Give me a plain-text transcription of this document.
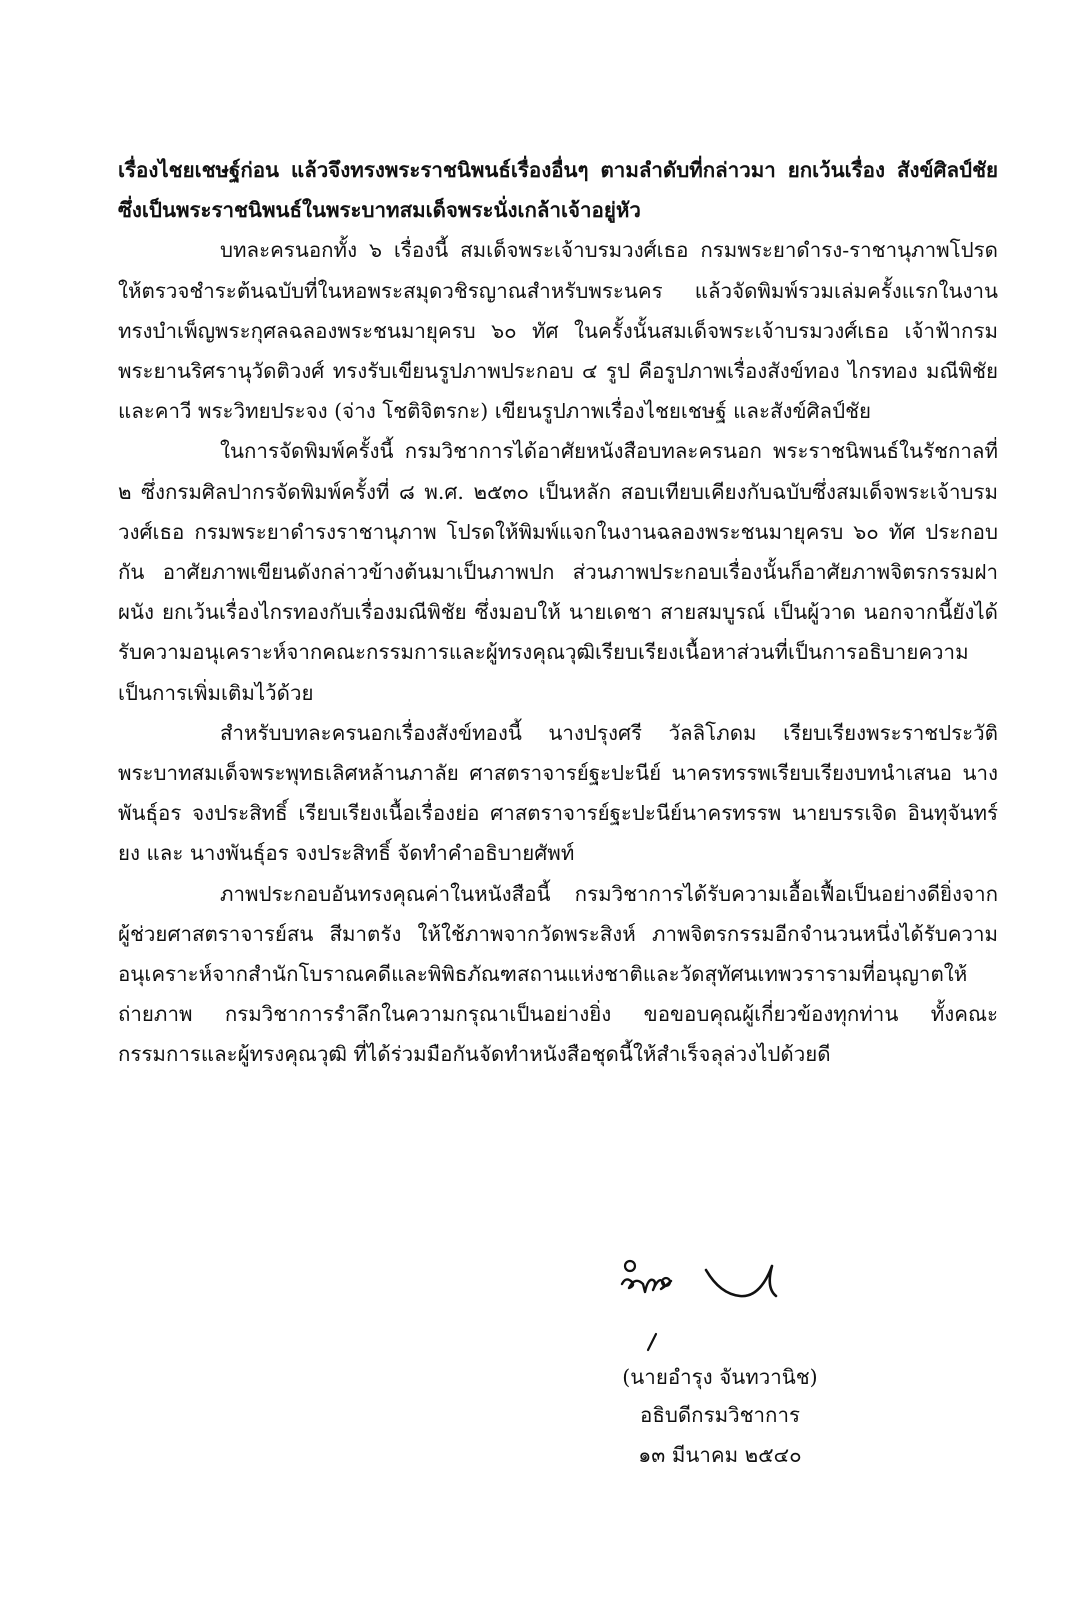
เรื่องไชยเชษฐ์ก่อน แล้วจึงทรงพระราชนิพนธ์เรื่องอื่นๆ ตามลำดับที่กล่าวมา ยกเว้นเรื่อง สังข์ศิลป์ชัย ซึ่งเป็นพระราชนิพนธ์ในพระบาทสมเด็จพระนั่งเกล้าเจ้าอยู่หัว

บทละครนอกทั้ง ๖ เรื่องนี้ สมเด็จพระเจ้าบรมวงศ์เธอ กรมพระยาดำรง-ราชานุภาพโปรดให้ตรวจชำระต้นฉบับที่ในหอพระสมุดวชิรญาณสำหรับพระนคร แล้วจัดพิมพ์รวมเล่มครั้งแรกในงานทรงบำเพ็ญพระกุศลฉลองพระชนมายุครบ ๖๐ ทัศ ในครั้งนั้นสมเด็จพระเจ้าบรมวงศ์เธอ เจ้าฟ้ากรมพระยานริศรานุวัดติวงศ์ ทรงรับเขียนรูปภาพประกอบ ๔ รูป คือรูปภาพเรื่องสังข์ทอง ไกรทอง มณีพิชัย และคาวี พระวิทยประจง (จ่าง โชติจิตรกะ) เขียนรูปภาพเรื่องไชยเชษฐ์ และสังข์ศิลป์ชัย

ในการจัดพิมพ์ครั้งนี้ กรมวิชาการได้อาศัยหนังสือบทละครนอก พระราชนิพนธ์ในรัชกาลที่ ๒ ซึ่งกรมศิลปากรจัดพิมพ์ครั้งที่ ๘ พ.ศ. ๒๕๓๐ เป็นหลัก สอบเทียบเคียงกับฉบับซึ่งสมเด็จพระเจ้าบรมวงศ์เธอ กรมพระยาดำรงราชานุภาพ โปรดให้พิมพ์แจกในงานฉลองพระชนมายุครบ ๖๐ ทัศ ประกอบกัน อาศัยภาพเขียนดังกล่าวข้างต้นมาเป็นภาพปก ส่วนภาพประกอบเรื่องนั้นก็อาศัยภาพจิตรกรรมฝาผนัง ยกเว้นเรื่องไกรทองกับเรื่องมณีพิชัย ซึ่งมอบให้ นายเดชา สายสมบูรณ์ เป็นผู้วาด นอกจากนี้ยังได้รับความอนุเคราะห์จากคณะกรรมการและผู้ทรงคุณวุฒิเรียบเรียงเนื้อหาส่วนที่เป็นการอธิบายความเป็นการเพิ่มเติมไว้ด้วย

สำหรับบทละครนอกเรื่องสังข์ทองนี้ นางปรุงศรี วัลลิโภดม เรียบเรียงพระราชประวัติพระบาทสมเด็จพระพุทธเลิศหล้านภาลัย ศาสตราจารย์ฐะปะนีย์ นาครทรรพเรียบเรียงบทนำเสนอ นางพันธุ์อร จงประสิทธิ์ เรียบเรียงเนื้อเรื่องย่อ ศาสตราจารย์ฐะปะนีย์นาครทรรพ นายบรรเจิด อินทุจันทร์ยง และ นางพันธุ์อร จงประสิทธิ์ จัดทำคำอธิบายศัพท์

ภาพประกอบอันทรงคุณค่าในหนังสือนี้ กรมวิชาการได้รับความเอื้อเฟื้อเป็นอย่างดียิ่งจาก ผู้ช่วยศาสตราจารย์สน สีมาตรัง ให้ใช้ภาพจากวัดพระสิงห์ ภาพจิตรกรรมอีกจำนวนหนึ่งได้รับความอนุเคราะห์จากสำนักโบราณคดีและพิพิธภัณฑสถานแห่งชาติและวัดสุทัศนเทพวรารามที่อนุญาตให้ถ่ายภาพ กรมวิชาการรำลึกในความกรุณาเป็นอย่างยิ่ง ขอขอบคุณผู้เกี่ยวข้องทุกท่าน ทั้งคณะกรรมการและผู้ทรงคุณวุฒิ ที่ได้ร่วมมือกันจัดทำหนังสือชุดนี้ให้สำเร็จลุล่วงไปด้วยดี

(นายอำรุง จันทวานิช)

อธิบดีกรมวิชาการ

๑๓ มีนาคม ๒๕๔๐
